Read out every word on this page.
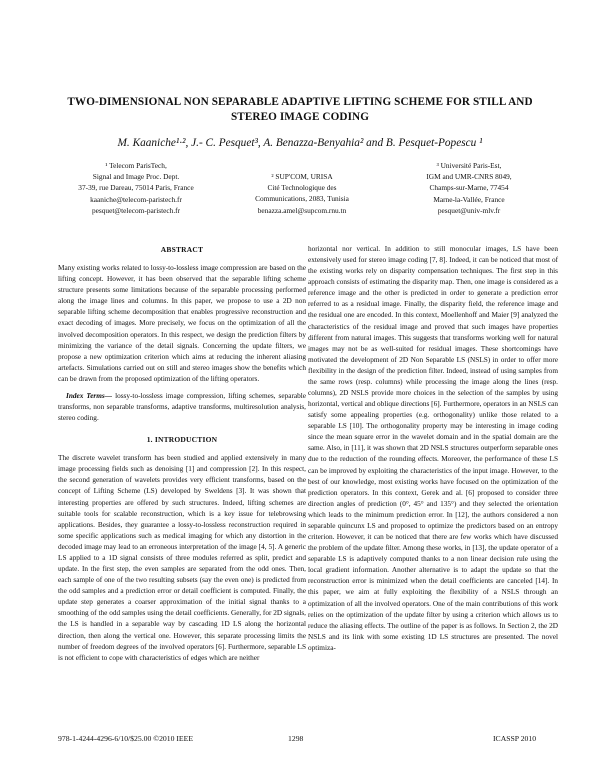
TWO-DIMENSIONAL NON SEPARABLE ADAPTIVE LIFTING SCHEME FOR STILL AND
STEREO IMAGE CODING
M. Kaaniche¹·², J.- C. Pesquet³, A. Benazza-Benyahia² and B. Pesquet-Popescu ¹
¹ Telecom ParisTech,
Signal and Image Proc. Dept.
37-39, rue Dareau, 75014 Paris, France
kaaniche@telecom-paristech.fr
pesquet@telecom-paristech.fr
² SUP'COM, URISA
Cité Technologique des
Communications, 2083, Tunisia
benazza.amel@supcom.rnu.tn
³ Université Paris-Est,
IGM and UMR-CNRS 8049,
Champs-sur-Marne, 77454
Marne-la-Vallée, France
pesquet@univ-mlv.fr
ABSTRACT

Many existing works related to lossy-to-lossless image compression are based on the lifting concept. However, it has been observed that the separable lifting scheme structure presents some limitations because of the separable processing performed along the image lines and columns. In this paper, we propose to use a 2D non separable lifting scheme decomposition that enables progressive reconstruction and exact decoding of images. More precisely, we focus on the optimization of all the involved decomposition operators. In this respect, we design the prediction filters by minimizing the variance of the detail signals. Concerning the update filters, we propose a new optimization criterion which aims at reducing the inherent aliasing artefacts. Simulations carried out on still and stereo images show the benefits which can be drawn from the proposed optimization of the lifting operators.

Index Terms— lossy-to-lossless image compression, lifting schemes, separable transforms, non separable transforms, adaptive transforms, multiresolution analysis, stereo coding.

1. INTRODUCTION

The discrete wavelet transform has been studied and applied extensively in many image processing fields such as denoising [1] and compression [2]. In this respect, the second generation of wavelets provides very efficient transforms, based on the concept of Lifting Scheme (LS) developed by Sweldens [3]. It was shown that interesting properties are offered by such structures. Indeed, lifting schemes are suitable tools for scalable reconstruction, which is a key issue for telebrowsing applications. Besides, they guarantee a lossy-to-lossless reconstruction required in some specific applications such as medical imaging for which any distortion in the decoded image may lead to an erroneous interpretation of the image [4, 5]. A generic LS applied to a 1D signal consists of three modules referred as split, predict and update. In the first step, the even samples are separated from the odd ones. Then, each sample of one of the two resulting subsets (say the even one) is predicted from the odd samples and a prediction error or detail coefficient is computed. Finally, the update step generates a coarser approximation of the initial signal thanks to a smoothing of the odd samples using the detail coefficients. Generally, for 2D signals, the LS is handled in a separable way by cascading 1D LS along the horizontal direction, then along the vertical one. However, this separate processing limits the number of freedom degrees of the involved operators [6]. Furthermore, separable LS is not efficient to cope with characteristics of edges which are neither

horizontal nor vertical. In addition to still monocular images, LS have been extensively used for stereo image coding [7, 8]. Indeed, it can be noticed that most of the existing works rely on disparity compensation techniques. The first step in this approach consists of estimating the disparity map. Then, one image is considered as a reference image and the other is predicted in order to generate a prediction error referred to as a residual image. Finally, the disparity field, the reference image and the residual one are encoded. In this context, Moellenhoff and Maier [9] analyzed the characteristics of the residual image and proved that such images have properties different from natural images. This suggests that transforms working well for natural images may not be as well-suited for residual images. These shortcomings have motivated the development of 2D Non Separable LS (NSLS) in order to offer more flexibility in the design of the prediction filter. Indeed, instead of using samples from the same rows (resp. columns) while processing the image along the lines (resp. columns), 2D NSLS provide more choices in the selection of the samples by using horizontal, vertical and oblique directions [6]. Furthermore, operators in an NSLS can satisfy some appealing properties (e.g. orthogonality) unlike those related to a separable LS [10]. The orthogonality property may be interesting in image coding since the mean square error in the wavelet domain and in the spatial domain are the same. Also, in [11], it was shown that 2D NSLS structures outperform separable ones due to the reduction of the rounding effects. Moreover, the performance of these LS can be improved by exploiting the characteristics of the input image. However, to the best of our knowledge, most existing works have focused on the optimization of the prediction operators. In this context, Gerek and al. [6] proposed to consider three direction angles of prediction (0°, 45° and 135°) and they selected the orientation which leads to the minimum prediction error. In [12], the authors considered a non separable quincunx LS and proposed to optimize the predictors based on an entropy criterion. However, it can be noticed that there are few works which have discussed the problem of the update filter. Among these works, in [13], the update operator of a separable LS is adaptively computed thanks to a non linear decision rule using the local gradient information. Another alternative is to adapt the update so that the reconstruction error is minimized when the detail coefficients are canceled [14]. In this paper, we aim at fully exploiting the flexibility of a NSLS through an optimization of all the involved operators. One of the main contributions of this work relies on the optimization of the update filter by using a criterion which allows us to reduce the aliasing effects. The outline of the paper is as follows. In Section 2, the 2D NSLS and its link with some existing 1D LS structures are presented. The novel optimiza-

978-1-4244-4296-6/10/$25.00 ©2010 IEEE	1298	ICASSP 2010
